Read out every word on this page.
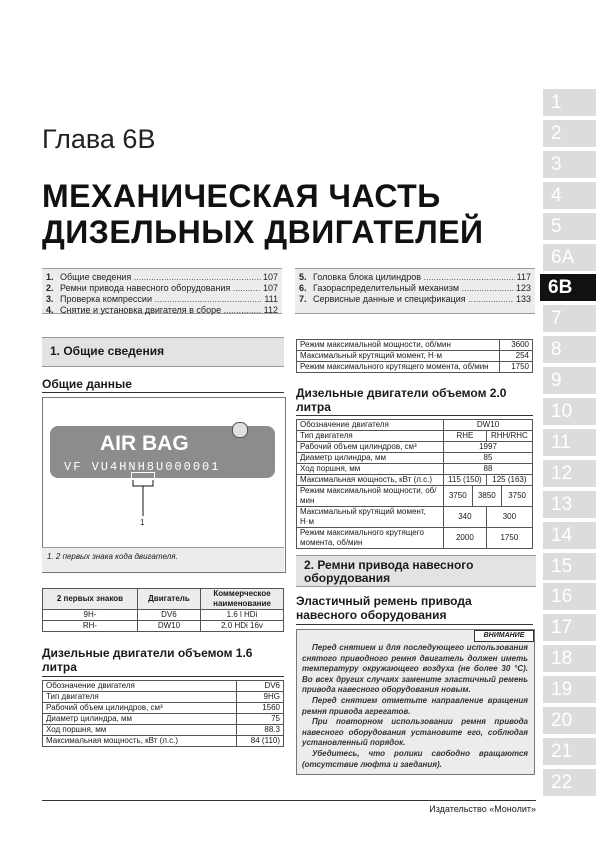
1
2
3
4
5
6A
6B
7
8
9
10
11
12
13
14
15
16
17
18
19
20
21
22
Глава 6В
МЕХАНИЧЕСКАЯ ЧАСТЬ
ДИЗЕЛЬНЫХ ДВИГАТЕЛЕЙ
1. Общие сведения .....	107
2. Ремни привода навесного оборудования .....	107
3. Проверка компрессии .....	111
4. Снятие и установка двигателя в сборе .....	112
5. Головка блока цилиндров .....	117
6. Газораспределительный механизм .....	123
7. Сервисные данные и спецификация .....	133
1. Общие сведения
Общие данные
AIR BAG
VF VU4HNH8U000001
1
1. 2 первых знака кода двигателя.
2 первых знаков	Двигатель	Коммерческое наименование
9H-	DV6	1.6 l HDi
RH-	DW10	2.0 HDi 16v
Дизельные двигатели объемом 1.6 литра
Обозначение двигателя	DV6
Тип двигателя	9HG
Рабочий объем цилиндров, см³	1560
Диаметр цилиндра, мм	75
Ход поршня, мм	88.3
Максимальная мощность, кВт (л.с.)	84 (110)
Режим максимальной мощности, об/мин	3600
Максимальный крутящий момент, Н·м	254
Режим максимального крутящего момента, об/мин	1750
Дизельные двигатели объемом 2.0 литра
Обозначение двигателя	DW10			
Тип двигателя	RHE		RHH/RHC	
Рабочий объем цилиндров, см³	1997			
Диаметр цилиндра, мм	85			
Ход поршня, мм	88			
Максимальная мощность, кВт (л.с.)	115 (150)		125 (163)	
Режим максимальной мощности, об/мин	3750	3850		3750
Максимальный крутящий момент, Н·м	340		300	
Режим максимального крутящего момента, об/мин	2000		1750	
2. Ремни привода навесного оборудования
Эластичный ремень привода навесного оборудования
ВНИМАНИЕ

Перед снятием и для последующего использования снятого приводного ремня двигатель должен иметь температуру окружающего воздуха (не более 30 °С). Во всех других случаях замените эластичный ремень привода навесного оборудования новым.

Перед снятием отметьте направление вращения ремня привода агрегатов.

При повторном использовании ремня привода навесного оборудования установите его, соблюдая установленный порядок.

Убедитесь, что ролики свободно вращаются (отсутствие люфта и заедания).

Издательство «Монолит»
